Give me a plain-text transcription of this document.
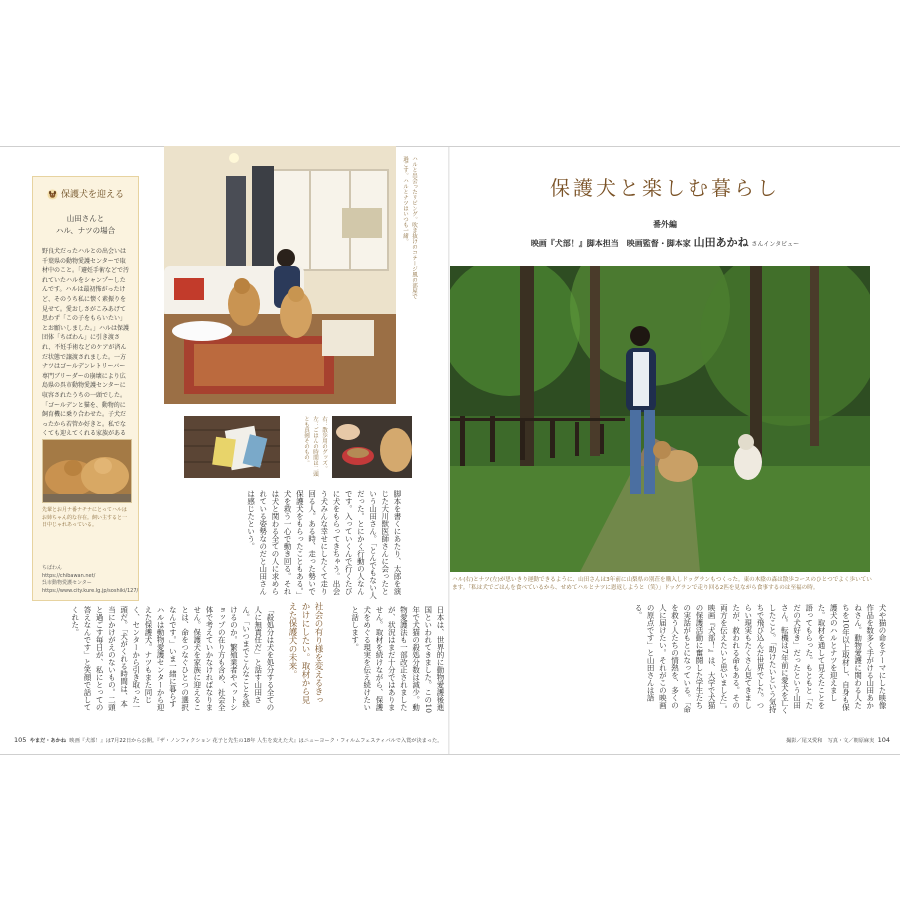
保護犬を迎える
山田さんと
ハル、ナツの場合
野良犬だったハルとの出会いは千葉県の動物愛護センターで取材中のこと。「避妊手術などで汚れていたハルをシャンプーしたんです。ハルは最初怖がったけど、そのうち私に懐く素振りを見せて。愛おしさがこみあげて思わず「この子をもらいたい」とお願いしました。」ハルは保護団体「ちばわん」に引き渡され、不妊手術などのケアが済んだ状態で譲渡されました。一方ナツはゴールデンレトリーバー専門ブリーダーの崩壊により広島県の呉市動物愛護センターに収容されたうちの一頭でした。「ゴールデンと猫を、動物的に飼育機に乗り合わせた。子犬だったから若管か好きと。私でなくても迎えてくれる家族がある
先輩とお月ナ番ナチナにとってハルはお姉ちゃん的な存在。飼い主すると一日中じゃれあっている。
ちばわん
https://chibawan.net/
呉市動物愛護センター
https://www.city.kure.lg.jp/soshiki/127/
ハルと出会ったリビング。吹き抜けのコテージ風の部屋で過ごす。ハルとナツはいつも一緒。
右：散歩用のグッズ。左：ごはんの時間は二頭とも真剣そのもの。
保護犬と楽しむ暮らし
番外編
映画『犬部！』脚本担当　映画監督・脚本家 山田あかね さんインタビュー
ハル(右)とナツ(左)が思いきり運動できるように、山田さんは3年前に山梨県の別荘を購入しドッグランもつくった。東の木陰の森は散歩コースのひとつでよく歩いています。「私は犬でごはんを食べているから、せめてハルとナツに恩返しようと（笑）」ドッグランで走り回る2匹を見ながら食事するのは至福の時。
脚本を書くにあたり、太郎を演じた大川獣医師さんに会ったという山田さん。「とんでもない人だった。とにかく行動の人なんです。入っていくんで行くたびに犬をもらってきちゃう。出会う犬みんな幸せにしたくて走り回る人。ある時、走った勢いで保護犬をもらったこともある。」犬を救う一心で動き回る。それは犬と関わる全ての人に求められている姿勢なのだと山田さんは感じたという。
社会の有り様を変えるきっかけにしたい。取材から見えた保護犬の未来。	日本は、世界的に動物愛護後進国といわれてきました。この10年で犬猫の殺処分数は減少。動物愛護法も一部改正されましたが、状況はまだ十分ではありません。取材を続けながら、保護犬をめぐる現実を伝え続けたいと話します。
「殺処分は犬を処分する全ての人に無責任だ」と話す山田さん。「いつまでこんなことを続けるのか。繁殖業者やペットショップの在り方も含め、社会全体で考えていかなければなりません。保護犬を家族に迎えることは、命をつなぐひとつの選択なんです。」いま一緒に暮らすハルは動物愛護センターから迎えた保護犬。ナツもまた同じく、センターから引き取った一頭だ。「犬がくれる時間は、本当にかけがえのないもの。二頭と過ごす毎日が、私にとっての答えなんです」と笑顔で話してくれた。	犬や猫の命をテーマにした映像作品を数多く手がける山田あかねさん。動物愛護に関わる人たちを10年以上取材し、自身も保護犬のハルとナツを迎えました。取材を通して見えたことを語ってもらった。もともと「ただの犬好き」だったという山田さん。転機は7年前に愛犬を亡くしたこと。「助けたいという気持ちで飛び込んだ世界でした。つらい現実もたくさん見てきましたが、救われる命もある。その両方を伝えたいと思いました」。映画『犬部！』は、大学で犬猫の保護活動に奮闘した学生たちの実話がもとになっている。「命を救う人たちの情熱を、多くの人に届けたい。それがこの映画の原点です」と山田さんは語る。
105 やまだ・あかね 映画『犬部！』は7月22日から公開。『ザ・ノンフィクション 花子と先生の18年 人生を変えた犬』はニューヨーク・フィルムフェスティバルで入賞が決まった。	撮影／尾又愛和　写真・文／朝原麻実 104
